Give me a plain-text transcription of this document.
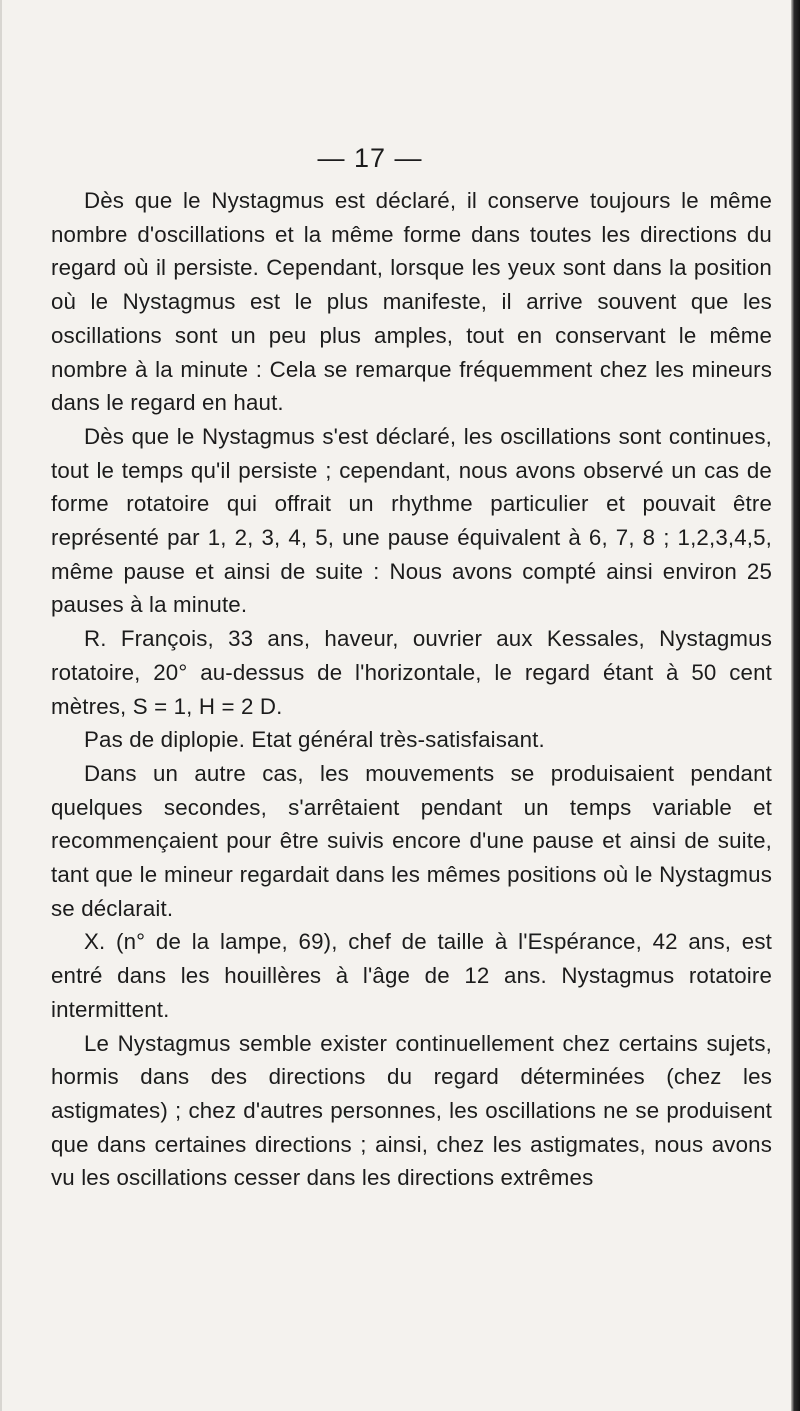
— 17 —

Dès que le Nystagmus est déclaré, il conserve toujours le même nombre d'oscillations et la même forme dans toutes les directions du regard où il persiste. Cependant, lorsque les yeux sont dans la position où le Nystagmus est le plus manifeste, il arrive souvent que les oscillations sont un peu plus amples, tout en conservant le même nombre à la minute : Cela se remarque fréquemment chez les mineurs dans le regard en haut.

Dès que le Nystagmus s'est déclaré, les oscillations sont continues, tout le temps qu'il persiste ; cependant, nous avons observé un cas de forme rotatoire qui offrait un rhythme particulier et pouvait être représenté par 1, 2, 3, 4, 5, une pause équivalent à 6, 7, 8 ; 1,2,3,4,5, même pause et ainsi de suite : Nous avons compté ainsi environ 25 pauses à la minute.

R. François, 33 ans, haveur, ouvrier aux Kessales, Nystagmus rotatoire, 20° au-dessus de l'horizontale, le regard étant à 50 cent mètres, S = 1, H = 2 D.

Pas de diplopie. Etat général très-satisfaisant.

Dans un autre cas, les mouvements se produisaient pendant quelques secondes, s'arrêtaient pendant un temps variable et recommençaient pour être suivis encore d'une pause et ainsi de suite, tant que le mineur regardait dans les mêmes positions où le Nystagmus se déclarait.

X. (n° de la lampe, 69), chef de taille à l'Espérance, 42 ans, est entré dans les houillères à l'âge de 12 ans. Nystagmus rotatoire intermittent.

Le Nystagmus semble exister continuellement chez certains sujets, hormis dans des directions du regard déterminées (chez les astigmates) ; chez d'autres personnes, les oscillations ne se produisent que dans certaines directions ; ainsi, chez les astigmates, nous avons vu les oscillations cesser dans les directions extrêmes
